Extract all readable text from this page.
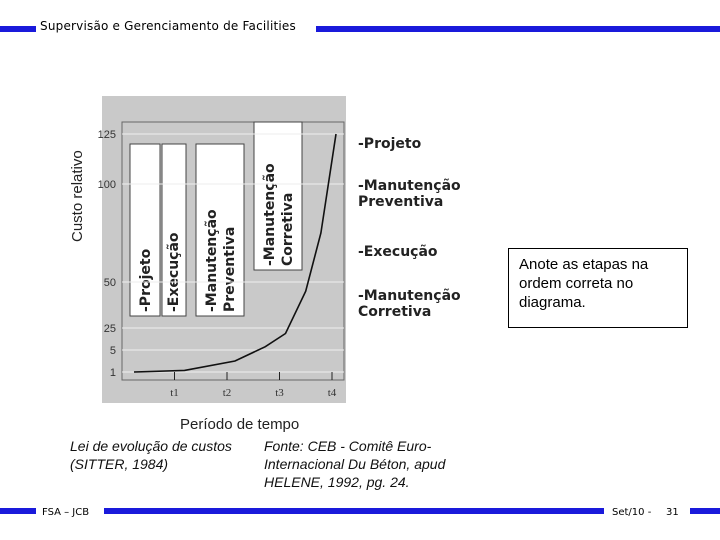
Supervisão e Gerenciamento de Facilities
-Projeto -Execução -Manutenção Preventiva
-Manutenção Corretiva
1
5
25
50
100
125
t1	t2	t3	t4
Custo relativo
Período de tempo
-Projeto
-Manutenção Preventiva
-Execução
-Manutenção Corretiva
Lei de evolução de custos
(SITTER, 1984)
Fonte: CEB - Comitê Euro-
Internacional Du Béton, apud
HELENE, 1992, pg. 24.
Anote as etapas na ordem correta no diagrama.
FSA – JCB	Set/10 - 31
